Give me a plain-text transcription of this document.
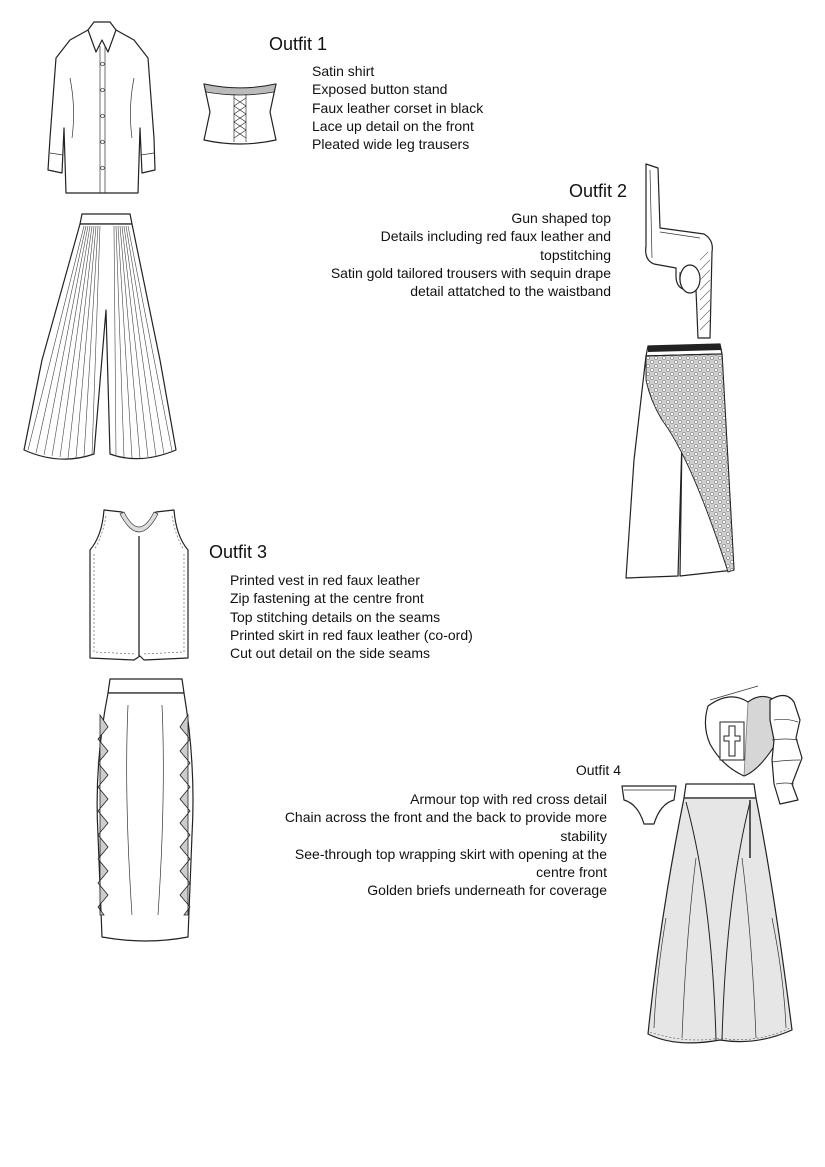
Outfit 1
Satin shirt
Exposed button stand
Faux leather corset in black
Lace up detail on the front
Pleated wide leg trausers
Outfit 2
Gun shaped top
Details including red faux leather and
topstitching
Satin gold tailored trousers with sequin drape
detail attatched to the waistband
Outfit 3
Printed vest in red faux leather
Zip fastening at the centre front
Top stitching details on the seams
Printed skirt in red faux leather (co-ord)
Cut out detail on the side seams
Outfit 4
Armour top with red cross detail
Chain across the front and the back to provide more
stability
See-through top wrapping skirt with opening at the
centre front
Golden briefs underneath for coverage
